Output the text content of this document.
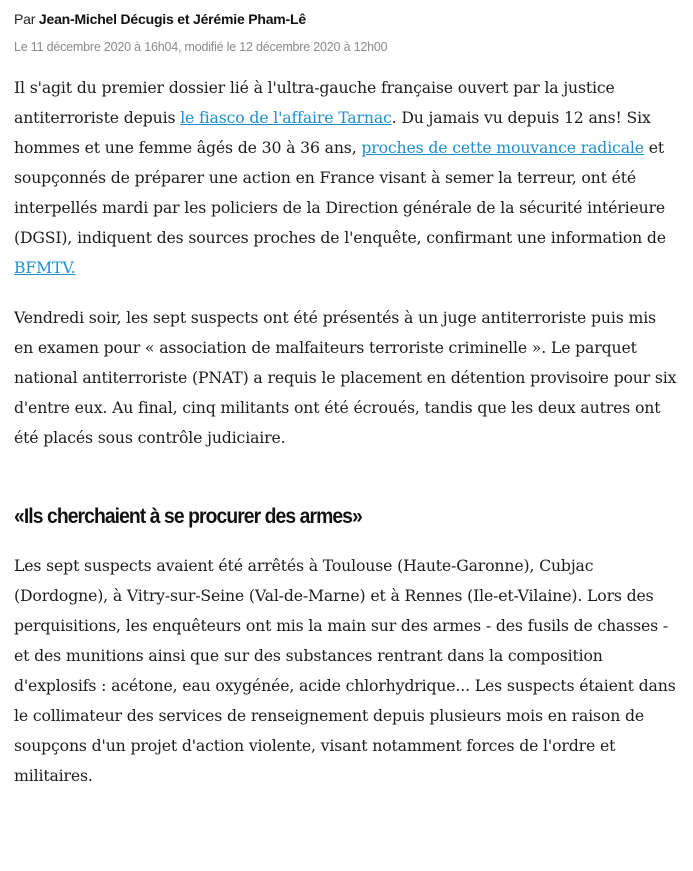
Par Jean-Michel Décugis et Jérémie Pham-Lê

Le 11 décembre 2020 à 16h04, modifié le 12 décembre 2020 à 12h00

Il s'agit du premier dossier lié à l'ultra-gauche française ouvert par la justice antiterroriste depuis le fiasco de l'affaire Tarnac. Du jamais vu depuis 12 ans! Six hommes et une femme âgés de 30 à 36 ans, proches de cette mouvance radicale et soupçonnés de préparer une action en France visant à semer la terreur, ont été interpellés mardi par les policiers de la Direction générale de la sécurité intérieure (DGSI), indiquent des sources proches de l'enquête, confirmant une information de BFMTV.

Vendredi soir, les sept suspects ont été présentés à un juge antiterroriste puis mis en examen pour « association de malfaiteurs terroriste criminelle ». Le parquet national antiterroriste (PNAT) a requis le placement en détention provisoire pour six d'entre eux. Au final, cinq militants ont été écroués, tandis que les deux autres ont été placés sous contrôle judiciaire.

«Ils cherchaient à se procurer des armes»

Les sept suspects avaient été arrêtés à Toulouse (Haute-Garonne), Cubjac (Dordogne), à Vitry-sur-Seine (Val-de-Marne) et à Rennes (Ile-et-Vilaine). Lors des perquisitions, les enquêteurs ont mis la main sur des armes - des fusils de chasses - et des munitions ainsi que sur des substances rentrant dans la composition d'explosifs : acétone, eau oxygénée, acide chlorhydrique... Les suspects étaient dans le collimateur des services de renseignement depuis plusieurs mois en raison de soupçons d'un projet d'action violente, visant notamment forces de l'ordre et militaires.
